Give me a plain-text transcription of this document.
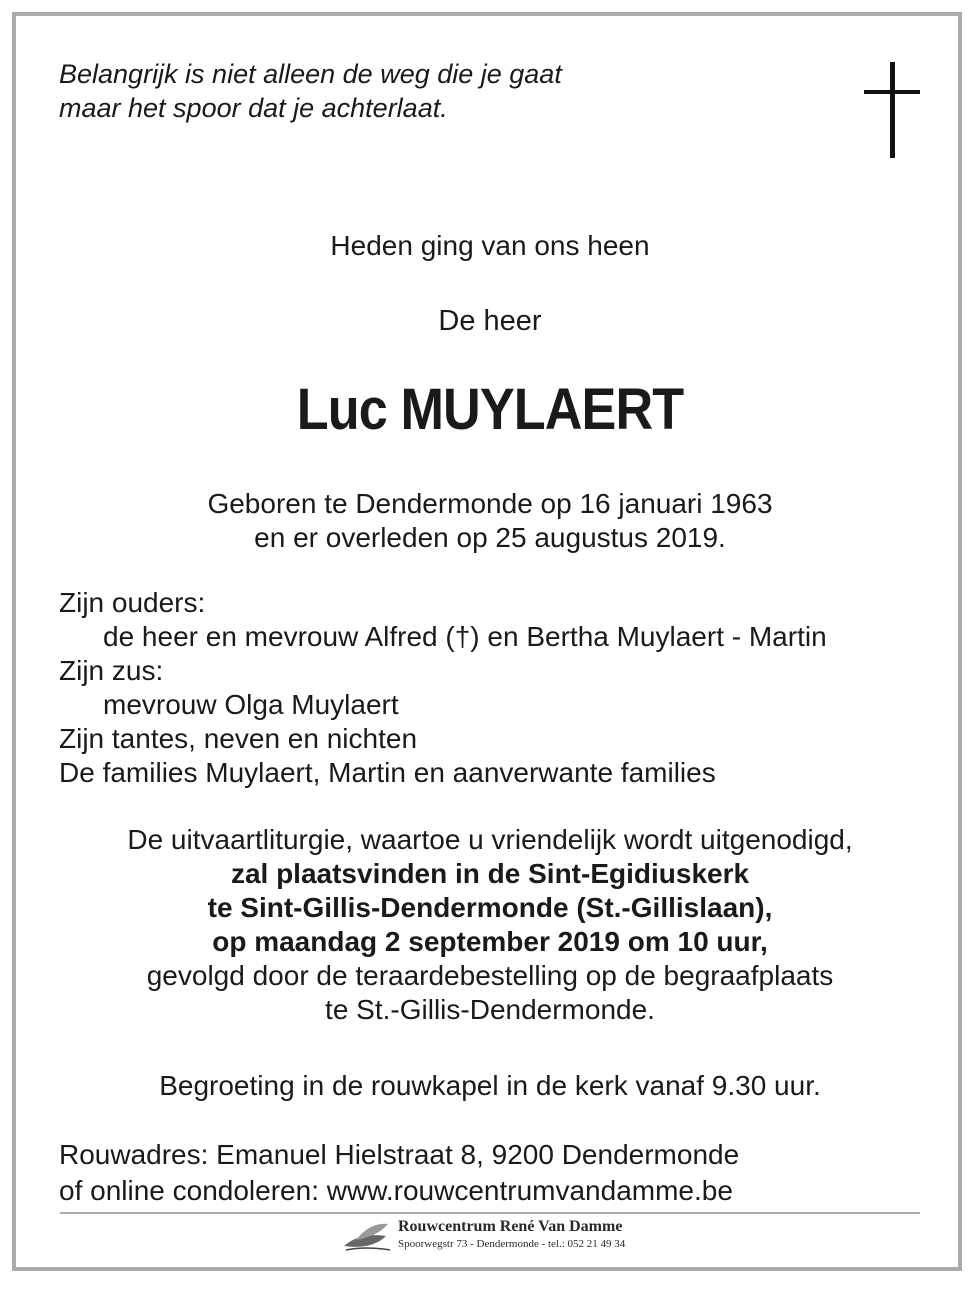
Belangrijk is niet alleen de weg die je gaat
maar het spoor dat je achterlaat.
Heden ging van ons heen
De heer
Luc MUYLAERT
Geboren te Dendermonde op 16 januari 1963
en er overleden op 25 augustus 2019.
Zijn ouders:
de heer en mevrouw Alfred (†) en Bertha Muylaert - Martin
Zijn zus:
mevrouw Olga Muylaert
Zijn tantes, neven en nichten
De families Muylaert, Martin en aanverwante families
De uitvaartliturgie, waartoe u vriendelijk wordt uitgenodigd,
zal plaatsvinden in de Sint-Egidiuskerk
te Sint-Gillis-Dendermonde (St.-Gillislaan),
op maandag 2 september 2019 om 10 uur,
gevolgd door de teraardebestelling op de begraafplaats
te St.-Gillis-Dendermonde.
Begroeting in de rouwkapel in de kerk vanaf 9.30 uur.
Rouwadres: Emanuel Hielstraat 8, 9200 Dendermonde
of online condoleren: www.rouwcentrumvandamme.be
Rouwcentrum René Van Damme
Spoorwegstr 73 - Dendermonde - tel.: 052 21 49 34
